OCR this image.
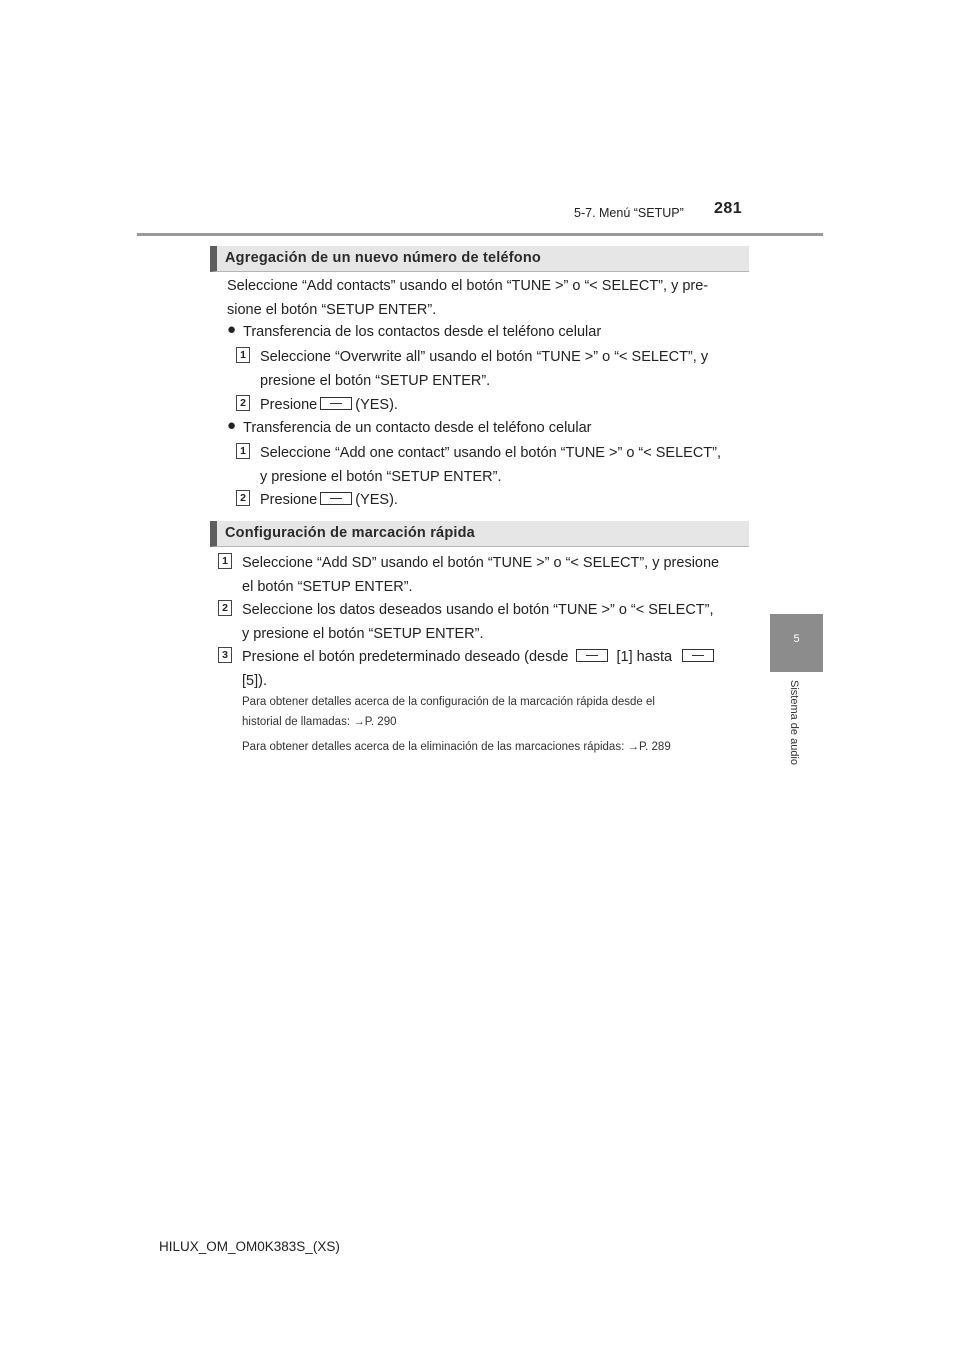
5-7. Menú “SETUP” 281
5
Sistema de audio
Agregación de un nuevo número de teléfono
Seleccione “Add contacts” usando el botón “TUNE >” o “< SELECT”, y pre-
sione el botón “SETUP ENTER”.
● Transferencia de los contactos desde el teléfono celular
1 Seleccione “Overwrite all” usando el botón “TUNE >” o “< SELECT”, y
presione el botón “SETUP ENTER”.
2 Presione	(YES).
● Transferencia de un contacto desde el teléfono celular
1 Seleccione “Add one contact” usando el botón “TUNE >” o “< SELECT”,
y presione el botón “SETUP ENTER”.
2 Presione	(YES).
Configuración de marcación rápida
1 Seleccione “Add SD” usando el botón “TUNE >” o “< SELECT”, y presione
el botón “SETUP ENTER”.
2 Seleccione los datos deseados usando el botón “TUNE >” o “< SELECT”,
y presione el botón “SETUP ENTER”.
3 Presione el botón predeterminado deseado (desde	[1] hasta
[5]).
Para obtener detalles acerca de la configuración de la marcación rápida desde el
historial de llamadas: →P. 290
Para obtener detalles acerca de la eliminación de las marcaciones rápidas: →P. 289
HILUX_OM_OM0K383S_(XS)
